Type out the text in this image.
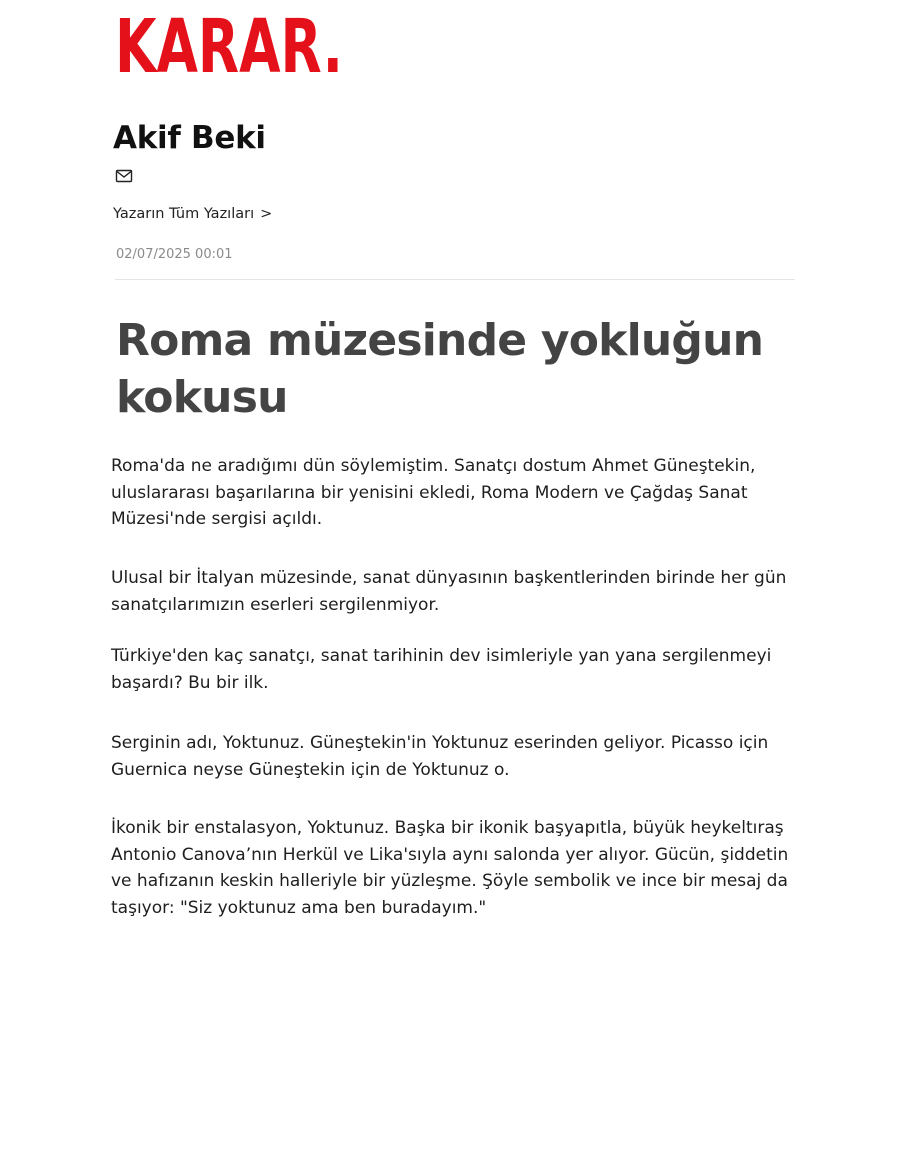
KARAR.
Akif Beki
Yazarın Tüm Yazıları >
02/07/2025 00:01
Roma müzesinde yokluğun kokusu

Roma'da ne aradığımı dün söylemiştim. Sanatçı dostum Ahmet Güneştekin, uluslararası başarılarına bir yenisini ekledi, Roma Modern ve Çağdaş Sanat Müzesi'nde sergisi açıldı.

Ulusal bir İtalyan müzesinde, sanat dünyasının başkentlerinden birinde her gün sanatçılarımızın eserleri sergilenmiyor.

Türkiye'den kaç sanatçı, sanat tarihinin dev isimleriyle yan yana sergilenmeyi başardı? Bu bir ilk.

Serginin adı, Yoktunuz. Güneştekin'in Yoktunuz eserinden geliyor. Picasso için Guernica neyse Güneştekin için de Yoktunuz o.

İkonik bir enstalasyon, Yoktunuz. Başka bir ikonik başyapıtla, büyük heykeltıraş Antonio Canova’nın Herkül ve Lika'sıyla aynı salonda yer alıyor. Gücün, şiddetin ve hafızanın keskin halleriyle bir yüzleşme. Şöyle sembolik ve ince bir mesaj da taşıyor: "Siz yoktunuz ama ben buradayım."
